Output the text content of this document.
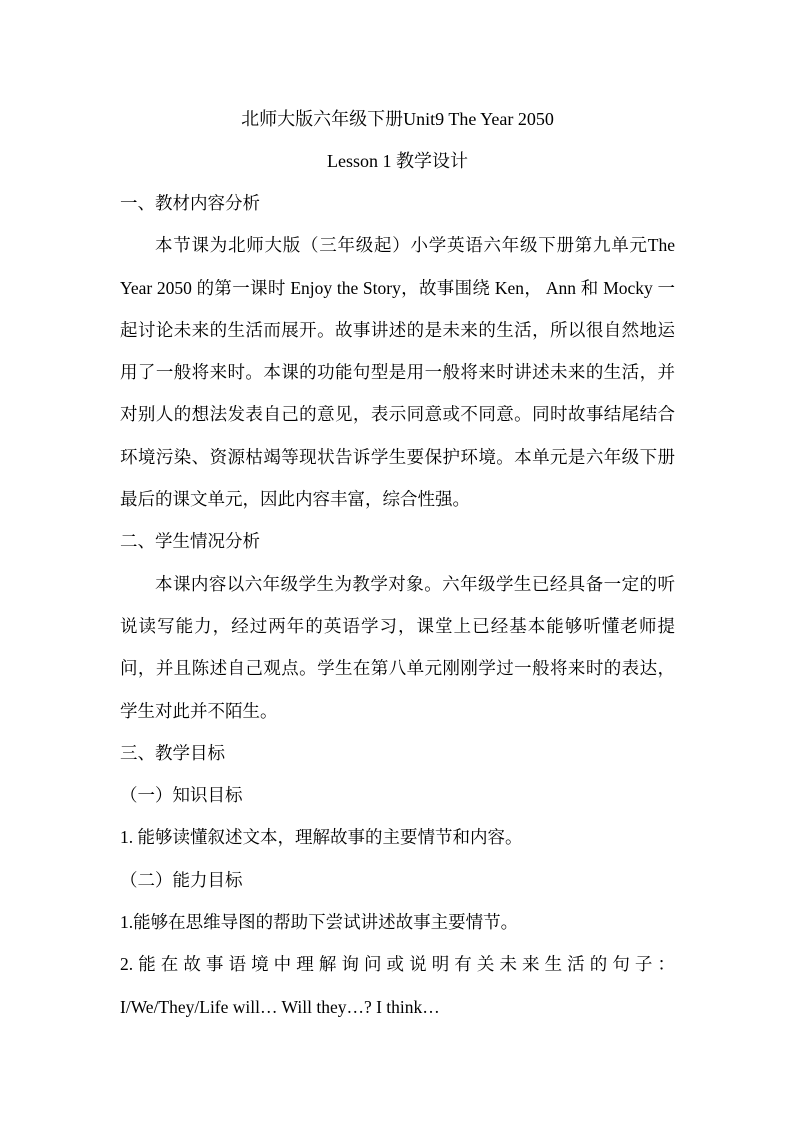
北师大版六年级下册Unit9 The Year 2050
Lesson 1 教学设计
一、教材内容分析
本节课为北师大版（三年级起）小学英语六年级下册第九单元The Year 2050 的第一课时 Enjoy the Story，故事围绕 Ken， Ann 和 Mocky 一起讨论未来的生活而展开。故事讲述的是未来的生活，所以很自然地运用了一般将来时。本课的功能句型是用一般将来时讲述未来的生活，并对别人的想法发表自己的意见，表示同意或不同意。同时故事结尾结合环境污染、资源枯竭等现状告诉学生要保护环境。本单元是六年级下册最后的课文单元，因此内容丰富，综合性强。
二、学生情况分析
本课内容以六年级学生为教学对象。六年级学生已经具备一定的听说读写能力，经过两年的英语学习，课堂上已经基本能够听懂老师提问，并且陈述自己观点。学生在第八单元刚刚学过一般将来时的表达，学生对此并不陌生。
三、教学目标
（一）知识目标
1. 能够读懂叙述文本，理解故事的主要情节和内容。
（二）能力目标
1.能够在思维导图的帮助下尝试讲述故事主要情节。
2.能在故事语境中理解询问或说明有关未来生活的句子：
I/We/They/Life will… Will they…? I think…
